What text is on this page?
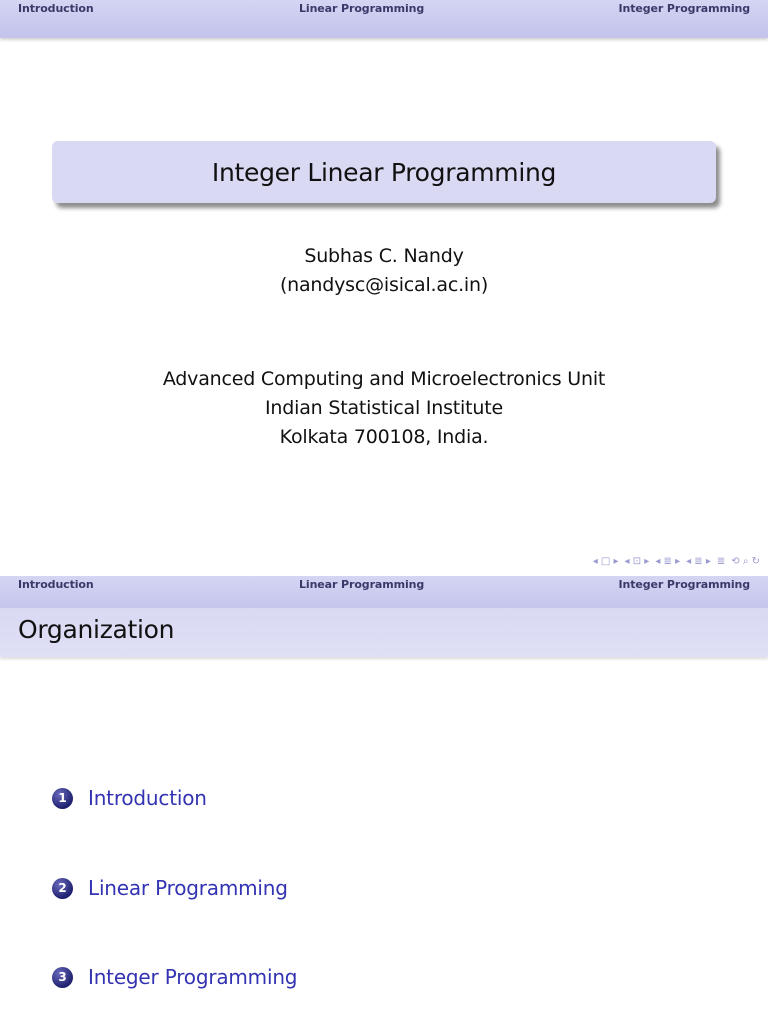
Introduction	Linear Programming	Integer Programming
Integer Linear Programming
Subhas C. Nandy
(nandysc@isical.ac.in)
Advanced Computing and Microelectronics Unit
Indian Statistical Institute
Kolkata 700108, India.
◂ □ ▸ ◂ ⊡ ▸ ◂ ≣ ▸ ◂ ≣ ▸ ≣ ⟲ ⌕ ↻
Introduction	Linear Programming	Integer Programming
Organization
1	Introduction
2	Linear Programming
3	Integer Programming
